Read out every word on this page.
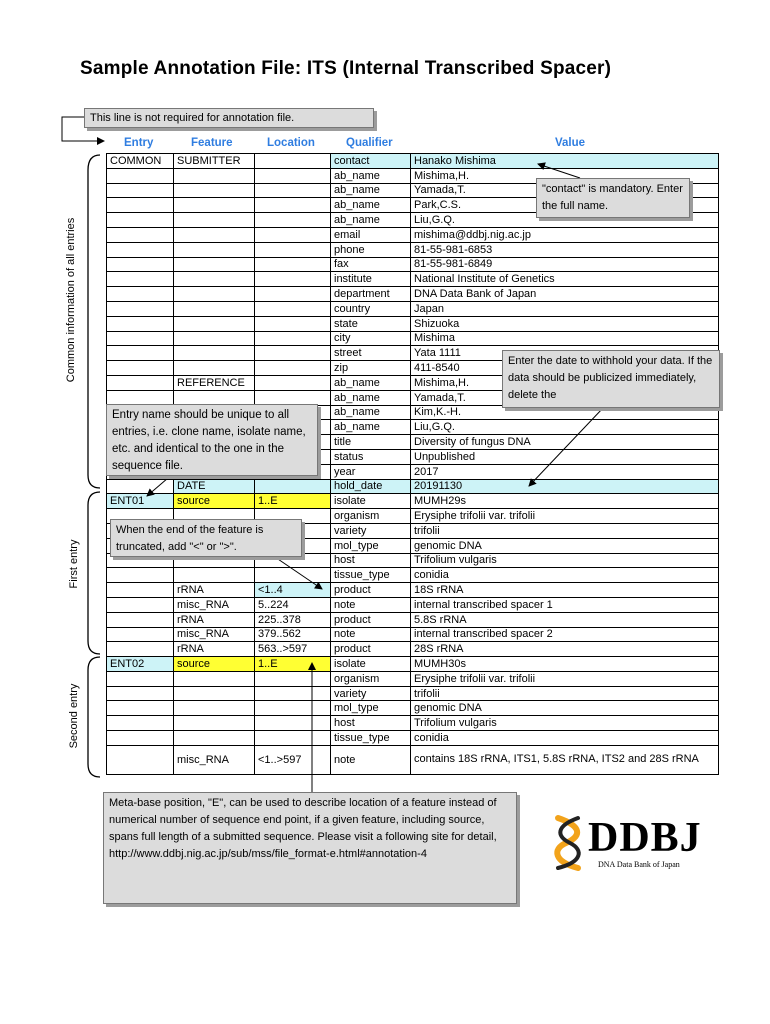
Sample Annotation File: ITS (Internal Transcribed Spacer)
This line is not required for annotation file.
Entry	Feature	Location	Qualifier	Value
COMMON	SUBMITTER		contact	Hanako Mishima
			ab_name	Mishima,H.
			ab_name	Yamada,T.
			ab_name	Park,C.S.
			ab_name	Liu,G.Q.
			email	mishima@ddbj.nig.ac.jp
			phone	81-55-981-6853
			fax	81-55-981-6849
			institute	National Institute of Genetics
			department	DNA Data Bank of Japan
			country	Japan
			state	Shizuoka
			city	Mishima
			street	Yata 1111
			zip	411-8540
	REFERENCE		ab_name	Mishima,H.
			ab_name	Yamada,T.
			ab_name	Kim,K.-H.
			ab_name	Liu,G.Q.
			title	Diversity of fungus DNA
			status	Unpublished
			year	2017
	DATE		hold_date	20191130
ENT01	source	1..E	isolate	MUMH29s
			organism	Erysiphe trifolii var. trifolii
			variety	trifolii
			mol_type	genomic DNA
			host	Trifolium vulgaris
			tissue_type	conidia
	rRNA	<1..4	product	18S rRNA
	misc_RNA	5..224	note	internal transcribed spacer 1
	rRNA	225..378	product	5.8S rRNA
	misc_RNA	379..562	note	internal transcribed spacer 2
	rRNA	563..>597	product	28S rRNA
ENT02	source	1..E	isolate	MUMH30s
			organism	Erysiphe trifolii var. trifolii
			variety	trifolii
			mol_type	genomic DNA
			host	Trifolium vulgaris
			tissue_type	conidia
	misc_RNA	<1..>597	note	contains 18S rRNA, ITS1, 5.8S rRNA, ITS2 and 28S rRNA
"contact" is mandatory. Enter the full name.
Enter the date to withhold your data. If the data should be publicized immediately, delete the
Entry name should be unique to all entries, i.e. clone name, isolate name, etc. and identical to the one in the sequence file.
When the end of the feature is truncated, add "<" or ">".
Meta-base position, "E", can be used to describe location of a feature instead of numerical number of sequence end point, if a given feature, including source, spans full length of a submitted sequence. Please visit a following site for detail, http://www.ddbj.nig.ac.jp/sub/mss/file_format-e.html#annotation-4
Common information of all entries
First entry
Second entry
DDBJ
DNA Data Bank of Japan
